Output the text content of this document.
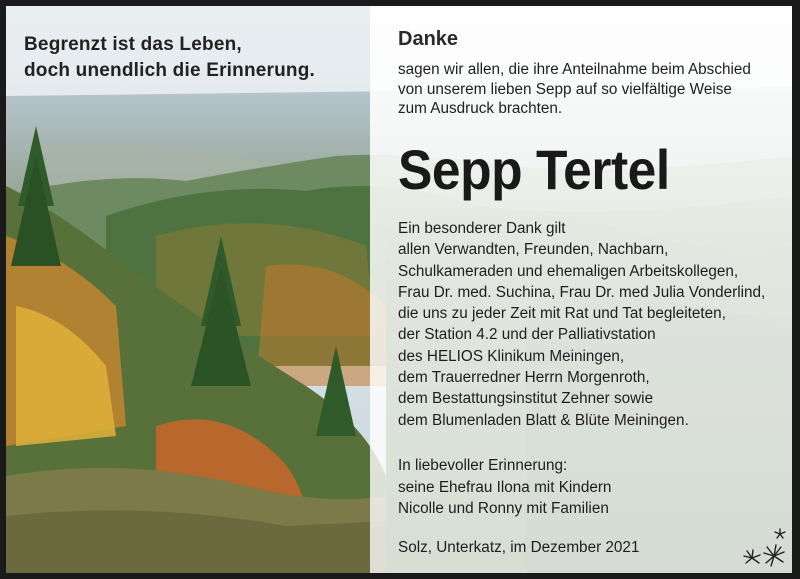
Begrenzt ist das Leben,
doch unendlich die Erinnerung.
Danke
sagen wir allen, die ihre Anteilnahme beim Abschied
von unserem lieben Sepp auf so vielfältige Weise
zum Ausdruck brachten.
Sepp Tertel
Ein besonderer Dank gilt
allen Verwandten, Freunden, Nachbarn,
Schulkameraden und ehemaligen Arbeitskollegen,
Frau Dr. med. Suchina, Frau Dr. med Julia Vonderlind,
die uns zu jeder Zeit mit Rat und Tat begleiteten,
der Station 4.2 und der Palliativstation
des HELIOS Klinikum Meiningen,
dem Trauerredner Herrn Morgenroth,
dem Bestattungsinstitut Zehner sowie
dem Blumenladen Blatt & Blüte Meiningen.
In liebevoller Erinnerung:
seine Ehefrau Ilona mit Kindern
Nicolle und Ronny mit Familien
Solz, Unterkatz, im Dezember 2021
